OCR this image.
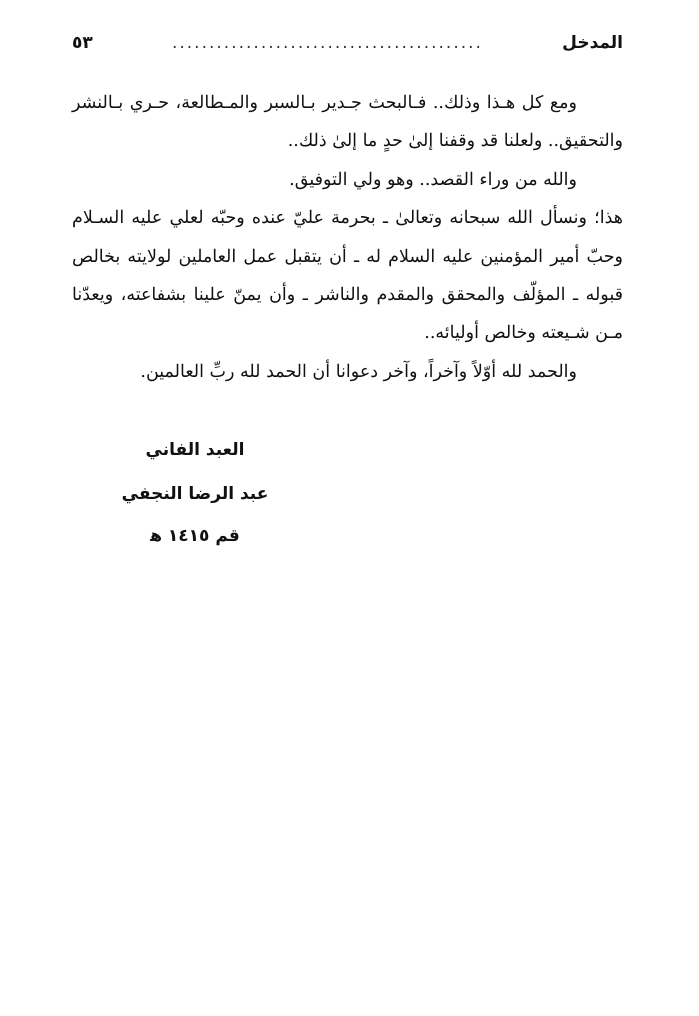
المدخل
..........................................
٥٣

ومع كل هـذا وذلك.. فـالبحث جـدير بـالسبر والمـطالعة، حـري بـالنشر والتحقيق.. ولعلنا قد وقفنا إلىٰ حدٍ ما إلىٰ ذلك..

والله من وراء القصد.. وهو ولي التوفيق.

هذا؛ ونسأل الله سبحانه وتعالىٰ ـ بحرمة عليّ عنده وحبّه لعلي عليه السـلام وحبّ أمير المؤمنين عليه السلام له ـ أن يتقبل عمل العاملين لولايته بخالص قبوله ـ المؤلّف والمحقق والمقدم والناشر ـ وأن يمنّ علينا بشفاعته، ويعدّنا مـن شـيعته وخالص أوليائه..

والحمد لله أوّلاً وآخراً، وآخر دعوانا أن الحمد لله ربِّ العالمين.

العبد الفاني
عبد الرضا النجفي
قم ١٤١٥ ﻫ
